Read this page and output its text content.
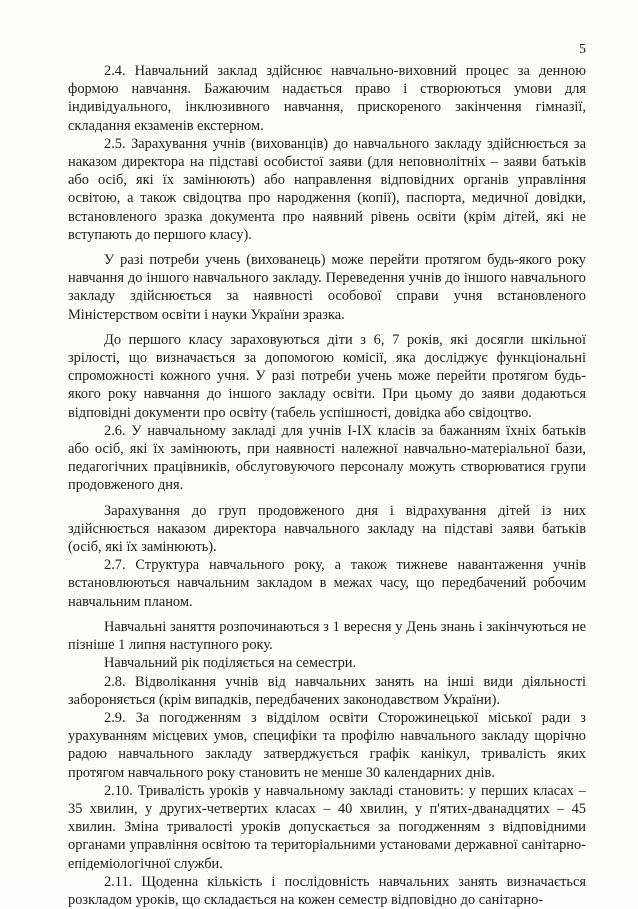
5

2.4. Навчальний заклад здійснює навчально-виховний процес за денною формою навчання. Бажаючим надається право і створюються умови для індивідуального, інклюзивного навчання, прискореного закінчення гімназії, складання екзаменів екстерном.

2.5. Зарахування учнів (вихованців) до навчального закладу здійснюється за наказом директора на підставі особистої заяви (для неповнолітніх – заяви батьків або осіб, які їх замінюють) або направлення відповідних органів управління освітою, а також свідоцтва про народження (копії), паспорта, медичної довідки, встановленого зразка документа про наявний рівень освіти (крім дітей, які не вступають до першого класу).

У разі потреби учень (вихованець) може перейти протягом будь-якого року навчання до іншого навчального закладу. Переведення учнів до іншого навчального закладу здійснюється за наявності особової справи учня встановленого Міністерством освіти і науки України зразка.

До першого класу зараховуються діти з 6, 7 років, які досягли шкільної зрілості, що визначається за допомогою комісії, яка досліджує функціональні спроможності кожного учня. У разі потреби учень може перейти протягом будь-якого року навчання до іншого закладу освіти. При цьому до заяви додаються відповідні документи про освіту (табель успішності, довідка або свідоцтво.

2.6. У навчальному закладі для учнів І-ІХ класів за бажанням їхніх батьків або осіб, які їх замінюють, при наявності належної навчально-матеріальної бази, педагогічних працівників, обслуговуючого персоналу можуть створюватися групи продовженого дня.

Зарахування до груп продовженого дня і відрахування дітей із них здійснюється наказом директора навчального закладу на підставі заяви батьків (осіб, які їх замінюють).

2.7. Структура навчального року, а також тижневе навантаження учнів встановлюються навчальним закладом в межах часу, що передбачений робочим навчальним планом.

Навчальні заняття розпочинаються з 1 вересня у День знань і закінчуються не пізніше 1 липня наступного року.

Навчальний рік поділяється на семестри.

2.8. Відволікання учнів від навчальних занять на інші види діяльності забороняється (крім випадків, передбачених законодавством України).

2.9. За погодженням з відділом освіти Сторожинецької міської ради з урахуванням місцевих умов, специфіки та профілю навчального закладу щорічно радою навчального закладу затверджується графік канікул, тривалість яких протягом навчального року становить не менше 30 календарних днів.

2.10. Тривалість уроків у навчальному закладі становить: у перших класах – 35 хвилин, у других-четвертих класах – 40 хвилин, у п'ятих-дванадцятих – 45 хвилин. Зміна тривалості уроків допускається за погодженням з відповідними органами управління освітою та територіальними установами державної санітарно-епідеміологічної служби.

2.11. Щоденна кількість і послідовність навчальних занять визначається розкладом уроків, що складається на кожен семестр відповідно до санітарно-
